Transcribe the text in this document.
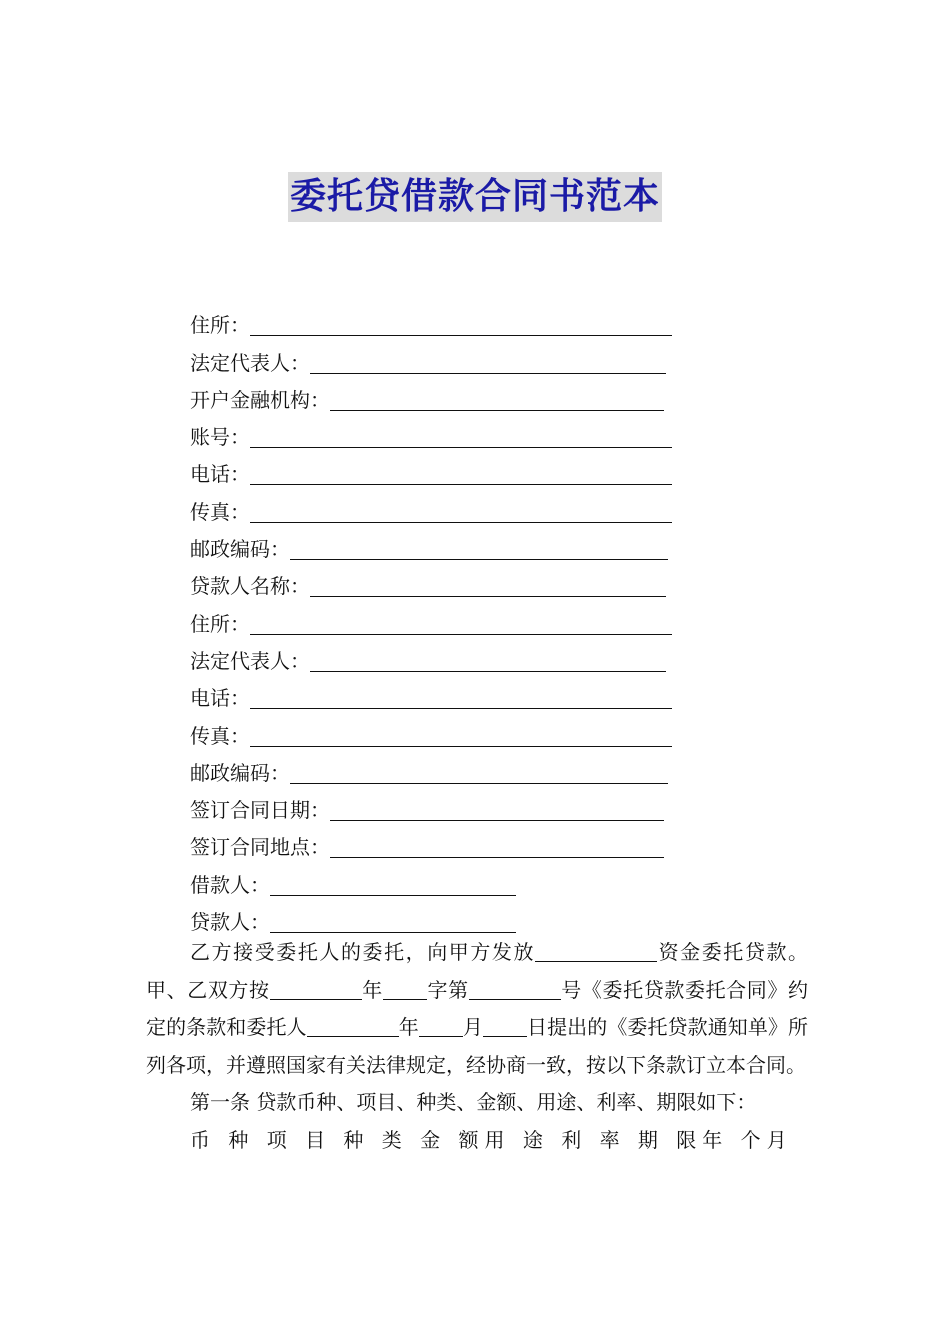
委托贷借款合同书范本
住所：
法定代表人：
开户金融机构：
账号：
电话：
传真：
邮政编码：
贷款人名称：
住所：
法定代表人：
电话：
传真：
邮政编码：
签订合同日期：
签订合同地点：
借款人：
贷款人：

乙方接受委托人的委托，向甲方发放	资金委托贷款。甲、乙双方按	年 字第	号《委托贷款委托合同》约定的条款和委托人	年 月 日提出的《委托贷款通知单》所列各项，并遵照国家有关法律规定，经协商一致，按以下条款订立本合同。

第一条 贷款币种、项目、种类、金额、用途、利率、期限如下：

币 种 项 目 种 类 金 额用 途 利 率 期 限年 个月
